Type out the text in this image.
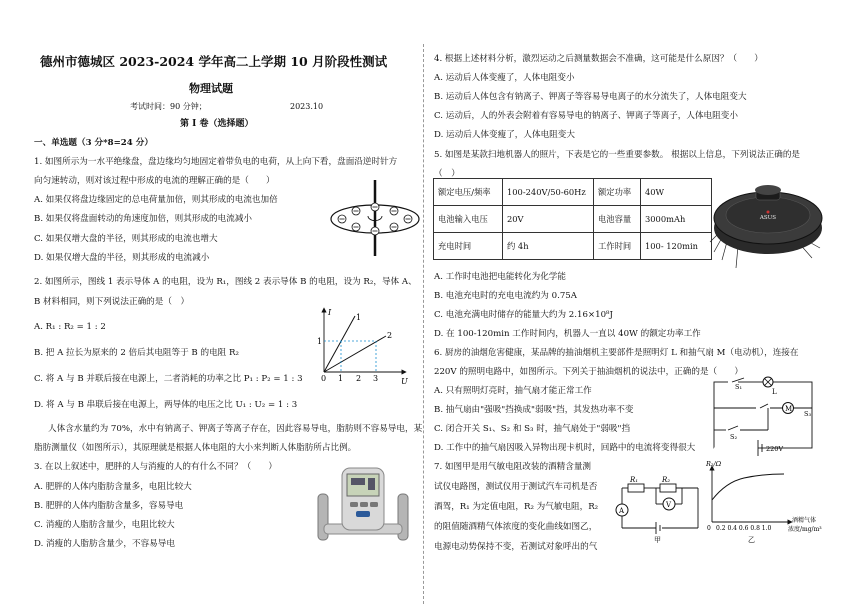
德州市德城区 2023-2024 学年高二上学期 10 月阶段性测试
物理试题
考试时间：90 分钟；	2023.10
第 I 卷（选择题）
一、单选题（3 分*8=24 分）
1. 如图所示为一水平绝缘盘，盘边缘均匀地固定着带负电的电荷，从上向下看，盘面沿逆时针方
向匀速转动，则对该过程中形成的电流的理解正确的是（　　）
A. 如果仅将盘边缘固定的总电荷量加倍，则其形成的电流也加倍
B. 如果仅将盘面转动的角速度加倍，则其形成的电流减小
C. 如果仅增大盘的半径，则其形成的电流也增大
D. 如果仅增大盘的半径，则其形成的电流减小
2. 如图所示，图线 1 表示导体 A 的电阻，设为 R₁，图线 2 表示导体 B 的电阻，设为 R₂，导体 A、
B 材料相同，则下列说法正确的是（　）
A. R₁ : R₂ = 1 : 2
B. 把 A 拉长为原来的 2 倍后其电阻等于 B 的电阻 R₂
C. 将 A 与 B 并联后接在电源上，二者消耗的功率之比 P₁ : P₂ = 1 : 3
D. 将 A 与 B 串联后接在电源上，两导体的电压之比 U₁ : U₂ = 1 : 3
I
U
1
2
1
0 1 2 3
人体含水量约为 70%，水中有钠离子、钾离子等离子存在，因此容易导电，脂肪则不容易导电，某
脂肪测量仪（如图所示），其原理就是根据人体电阻的大小来判断人体脂肪所占比例。
3. 在以上叙述中，肥胖的人与消瘦的人的有什么不同？（　　）
A. 肥胖的人体内脂肪含量多，电阻比较大
B. 肥胖的人体内脂肪含量多，容易导电
C. 消瘦的人脂肪含量少，电阻比较大
D. 消瘦的人脂肪含量少，不容易导电
4. 根据上述材料分析，激烈运动之后测量数据会不准确，这可能是什么原因？（　　）
A. 运动后人体变瘦了，人体电阻变小
B. 运动后人体包含有钠离子、钾离子等容易导电离子的水分流失了，人体电阻变大
C. 运动后，人的外表会附着有容易导电的钠离子、钾离子等离子，人体电阻变小
D. 运动后人体变瘦了，人体电阻变大
5. 如图是某款扫地机器人的照片，下表是它的一些重要参数。 根据以上信息，下列说法正确的是
（　）
额定电压/频率	100-240V/50-60Hz	额定功率	40W
电池输入电压	20V	电池容量	3000mAh
充电时间	约 4h	工作时间	100- 120min
ASUS
A. 工作时电池把电能转化为化学能
B. 电池充电时的充电电流约为 0.75A
C. 电池充满电时储存的能量大约为 2.16×10⁸J
D. 在 100-120min 工作时间内，机器人一直以 40W 的额定功率工作
6. 厨房的油烟危害健康，某品牌的抽油烟机主要部件是照明灯 L 和抽气扇 M（电动机），连接在
220V 的照明电路中，如图所示。下列关于抽油烟机的说法中，正确的是（　　）
A. 只有照明灯亮时，抽气扇才能正常工作
B. 抽气扇由"强吸"挡换成"弱吸"挡，其发热功率不变
C. 闭合开关 S₁、S₂ 和 S₃ 时，抽气扇处于"弱吸"挡
D. 工作中的抽气扇因吸入异物出现卡机时，回路中的电流将变得很大
M
S₁
L
S₃
S₂
220V
7. 如图甲是用气敏电阻改装的酒精含量测
试仪电路图，测试仪用于测试汽车司机是否
酒驾，R₁ 为定值电阻，R₂ 为气敏电阻，R₂
的阻值随酒精气体浓度的变化曲线如图乙，
电源电动势保持不变，若测试对象呼出的气
A
V
R₁	R₂
甲
R₂/Ω
0 0.2 0.4 0.6 0.8 1.0
酒精气体
浓度/mg/m³
乙
